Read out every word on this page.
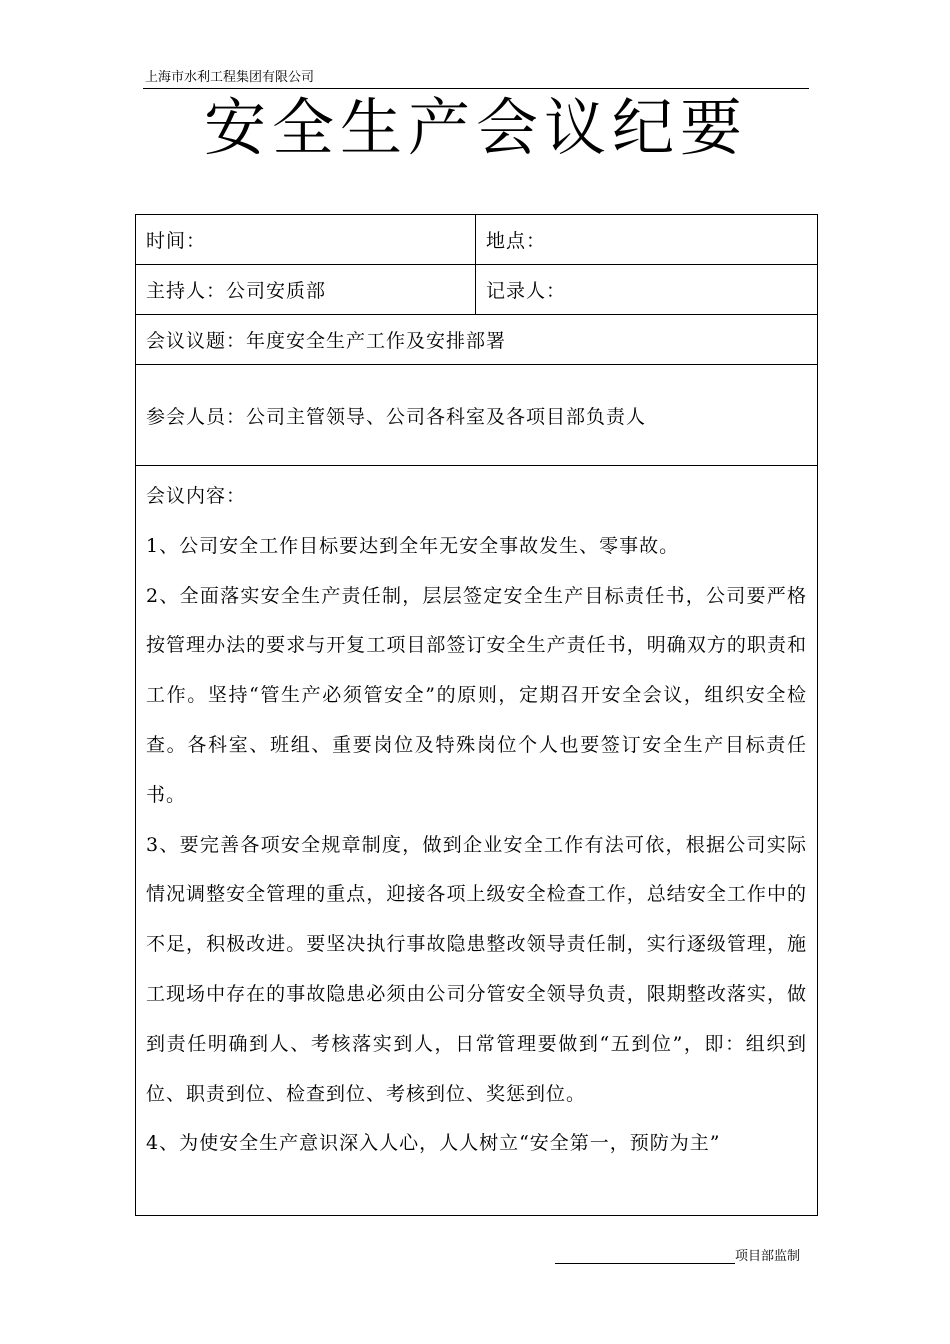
上海市水利工程集团有限公司
安全生产会议纪要
时间：	地点：
主持人：公司安质部	记录人：
会议议题：年度安全生产工作及安排部署	
参会人员：公司主管领导、公司各科室及各项目部负责人	

会议内容：

1、公司安全工作目标要达到全年无安全事故发生、零事故。

2、全面落实安全生产责任制，层层签定安全生产目标责任书，公司要严格按管理办法的要求与开复工项目部签订安全生产责任书，明确双方的职责和工作。坚持“管生产必须管安全”的原则，定期召开安全会议，组织安全检查。各科室、班组、重要岗位及特殊岗位个人也要签订安全生产目标责任书。

3、要完善各项安全规章制度，做到企业安全工作有法可依，根据公司实际情况调整安全管理的重点，迎接各项上级安全检查工作，总结安全工作中的不足，积极改进。要坚决执行事故隐患整改领导责任制，实行逐级管理，施工现场中存在的事故隐患必须由公司分管安全领导负责，限期整改落实，做到责任明确到人、考核落实到人，日常管理要做到“五到位”，即：组织到位、职责到位、检查到位、考核到位、奖惩到位。

4、为使安全生产意识深入人心，人人树立“安全第一，预防为主”	

项目部监制
